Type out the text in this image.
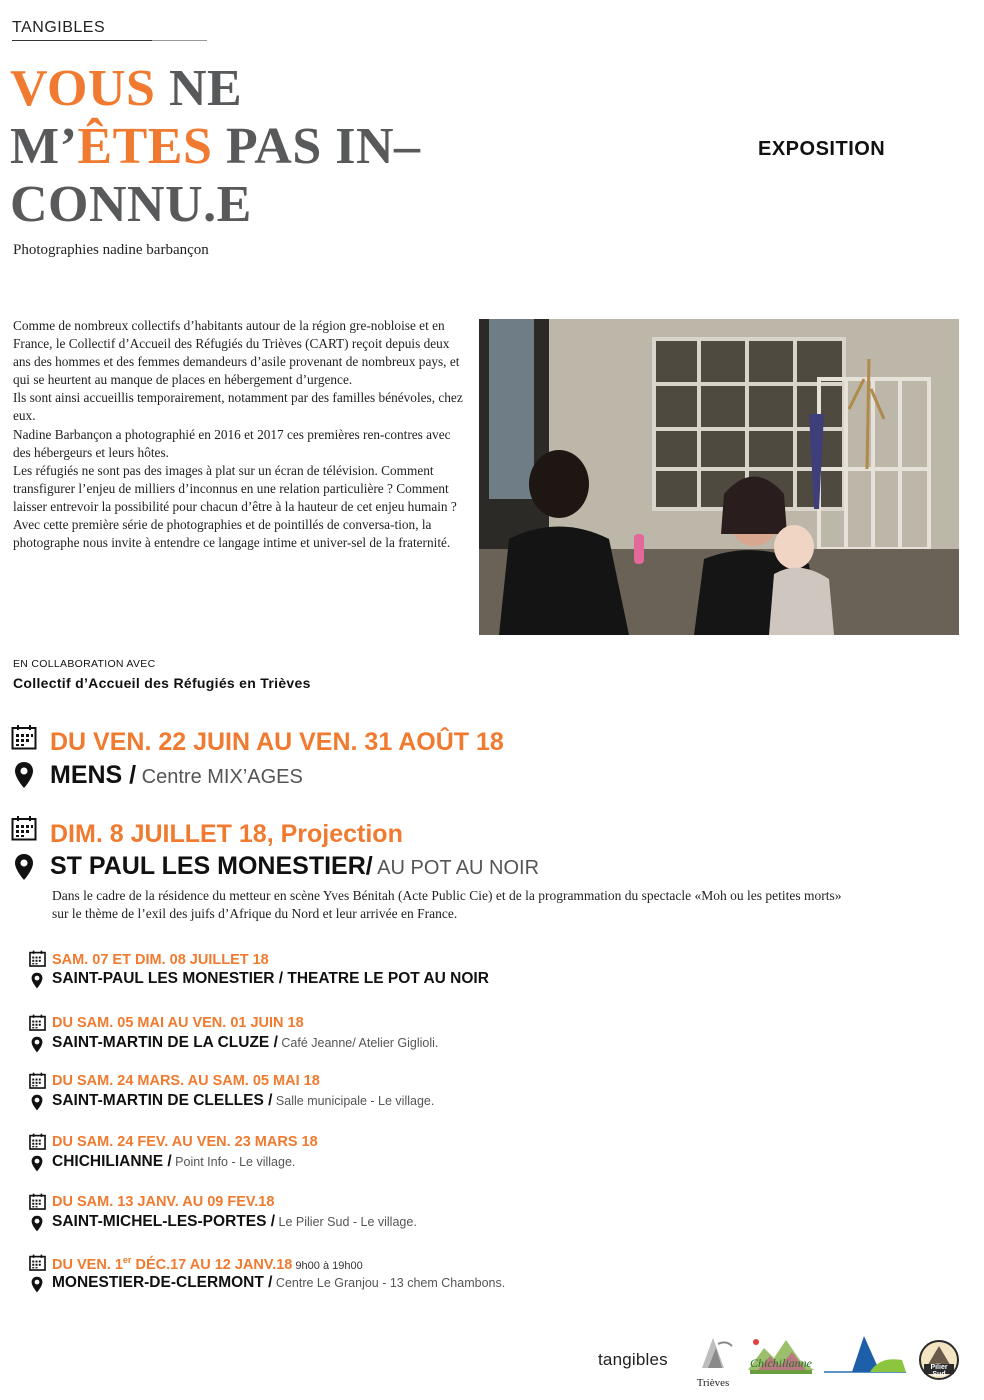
TANGIBLES
VOUS NE
M’ÊTES PAS IN–
CONNU.E
Photographies nadine barbançon
EXPOSITION

Comme de nombreux collectifs d’habitants autour de la région gre-nobloise et en France, le Collectif d’Accueil des Réfugiés du Trièves (CART) reçoit depuis deux ans des hommes et des femmes demandeurs d’asile provenant de nombreux pays, et qui se heurtent au manque de places en hébergement d’urgence.

Ils sont ainsi accueillis temporairement, notamment par des familles bénévoles, chez eux.

Nadine Barbançon a photographié en 2016 et 2017 ces premières ren-contres avec des hébergeurs et leurs hôtes.

Les réfugiés ne sont pas des images à plat sur un écran de télévision. Comment transfigurer l’enjeu de milliers d’inconnus en une relation particulière ? Comment laisser entrevoir la possibilité pour chacun d’être à la hauteur de cet enjeu humain ?

Avec cette première série de photographies et de pointillés de conversa-tion, la photographe nous invite à entendre ce langage intime et univer-sel de la fraternité.

EN COLLABORATION AVEC
Collectif d’Accueil des Réfugiés en Trièves
DU VEN. 22 JUIN AU VEN. 31 AOÛT 18
MENS / Centre MIX’AGES
DIM. 8 JUILLET 18, Projection
ST PAUL LES MONESTIER/ AU POT AU NOIR
Dans le cadre de la résidence du metteur en scène Yves Bénitah (Acte Public Cie) et de la programmation du spectacle «Moh ou les petites morts» sur le thème de l’exil des juifs d’Afrique du Nord et leur arrivée en France.
SAM. 07 ET DIM. 08 JUILLET 18
SAINT-PAUL LES MONESTIER / THEATRE LE POT AU NOIR
DU SAM. 05 MAI AU VEN. 01 JUIN 18
SAINT-MARTIN DE LA CLUZE / Café Jeanne/ Atelier Giglioli.
DU SAM. 24 MARS. AU SAM. 05 MAI 18
SAINT-MARTIN DE CLELLES / Salle municipale - Le village.
DU SAM. 24 FEV. AU VEN. 23 MARS 18
CHICHILIANNE / Point Info - Le village.
DU SAM. 13 JANV. AU 09 FEV.18
SAINT-MICHEL-LES-PORTES / Le Pilier Sud - Le village.
DU VEN. 1er DÉC.17 AU 12 JANV.18 9h00 à 19h00
MONESTIER-DE-CLERMONT / Centre Le Granjou - 13 chem Chambons.
tangibles
Trièves
Chichilianne	Pilier Sud
